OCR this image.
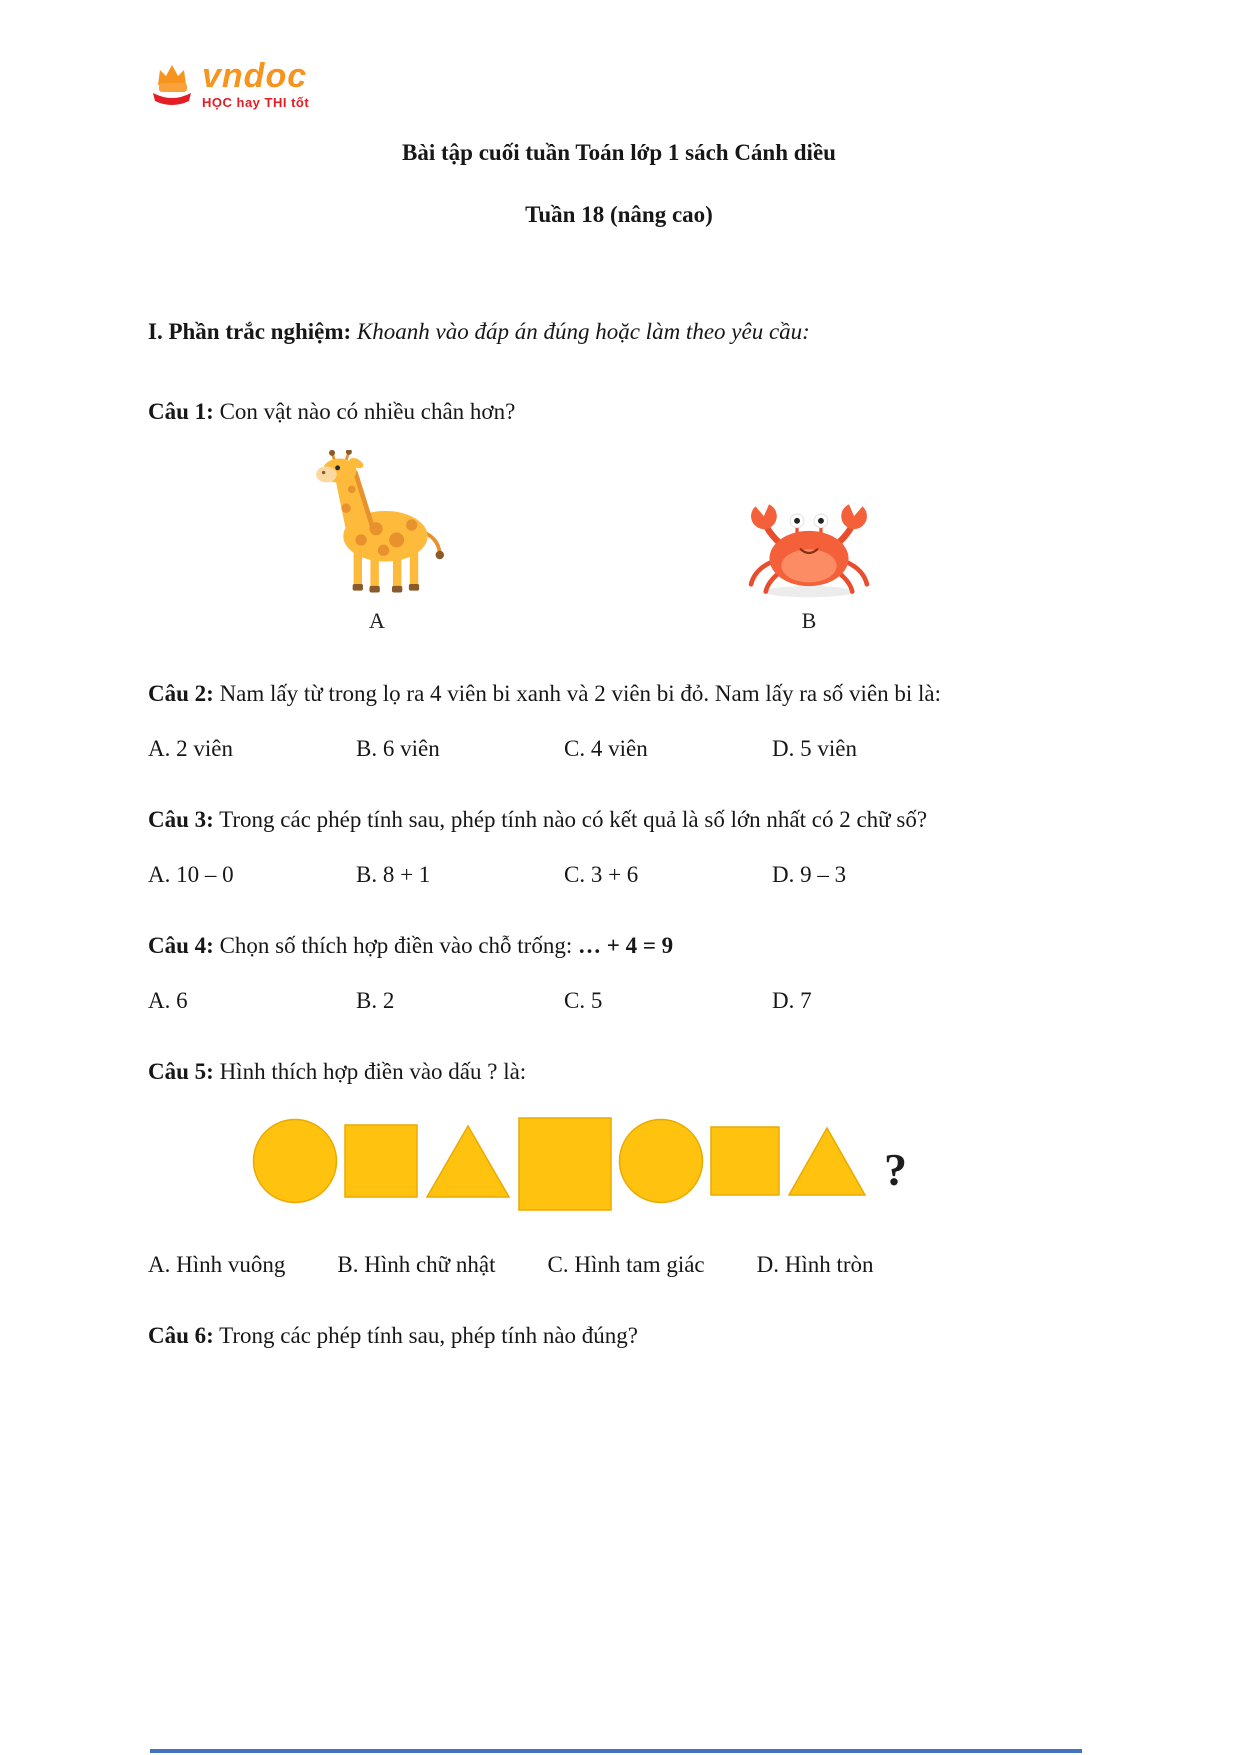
vndoc
HỌC hay THI tốt
Bài tập cuối tuần Toán lớp 1 sách Cánh diều
Tuần 18 (nâng cao)

I. Phần trắc nghiệm: Khoanh vào đáp án đúng hoặc làm theo yêu cầu:

Câu 1: Con vật nào có nhiều chân hơn?

A	B

Câu 2: Nam lấy từ trong lọ ra 4 viên bi xanh và 2 viên bi đỏ. Nam lấy ra số viên bi là:

A. 2 viên	B. 6 viên	C. 4 viên	D. 5 viên

Câu 3: Trong các phép tính sau, phép tính nào có kết quả là số lớn nhất có 2 chữ số?

A. 10 – 0	B. 8 + 1	C. 3 + 6	D. 9 – 3

Câu 4: Chọn số thích hợp điền vào chỗ trống: … + 4 = 9

A. 6	B. 2	C. 5	D. 7

Câu 5: Hình thích hợp điền vào dấu ? là:

?
A. Hình vuông B. Hình chữ nhật C. Hình tam giác D. Hình tròn

Câu 6: Trong các phép tính sau, phép tính nào đúng?
